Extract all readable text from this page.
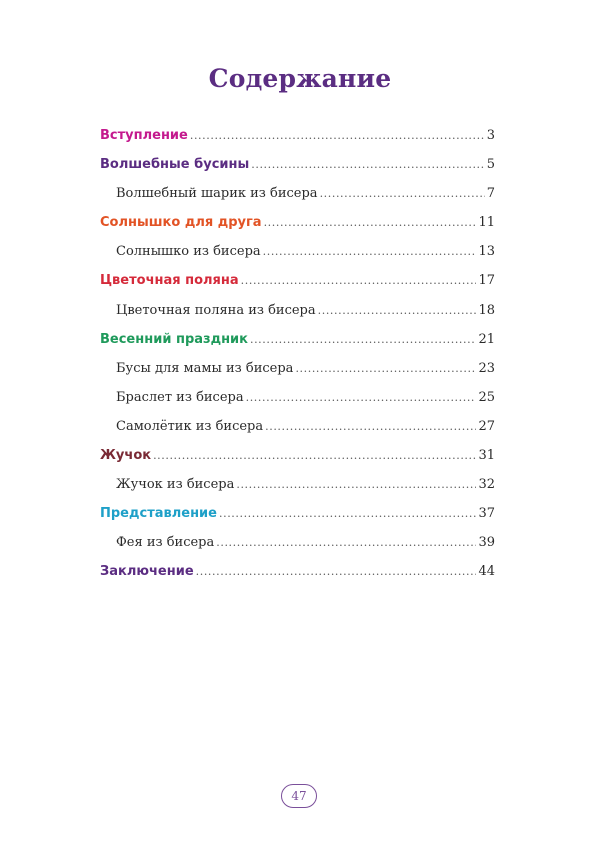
Содержание
Вступление .....	3
Волшебные бусины .....	5
Волшебный шарик из бисера .....	7
Солнышко для друга .....	11
Солнышко из бисера .....	13
Цветочная поляна .....	17
Цветочная поляна из бисера .....	18
Весенний праздник .....	21
Бусы для мамы из бисера .....	23
Браслет из бисера .....	25
Самолётик из бисера .....	27
Жучок .....	31
Жучок из бисера .....	32
Представление .....	37
Фея из бисера .....	39
Заключение .....	44
47
